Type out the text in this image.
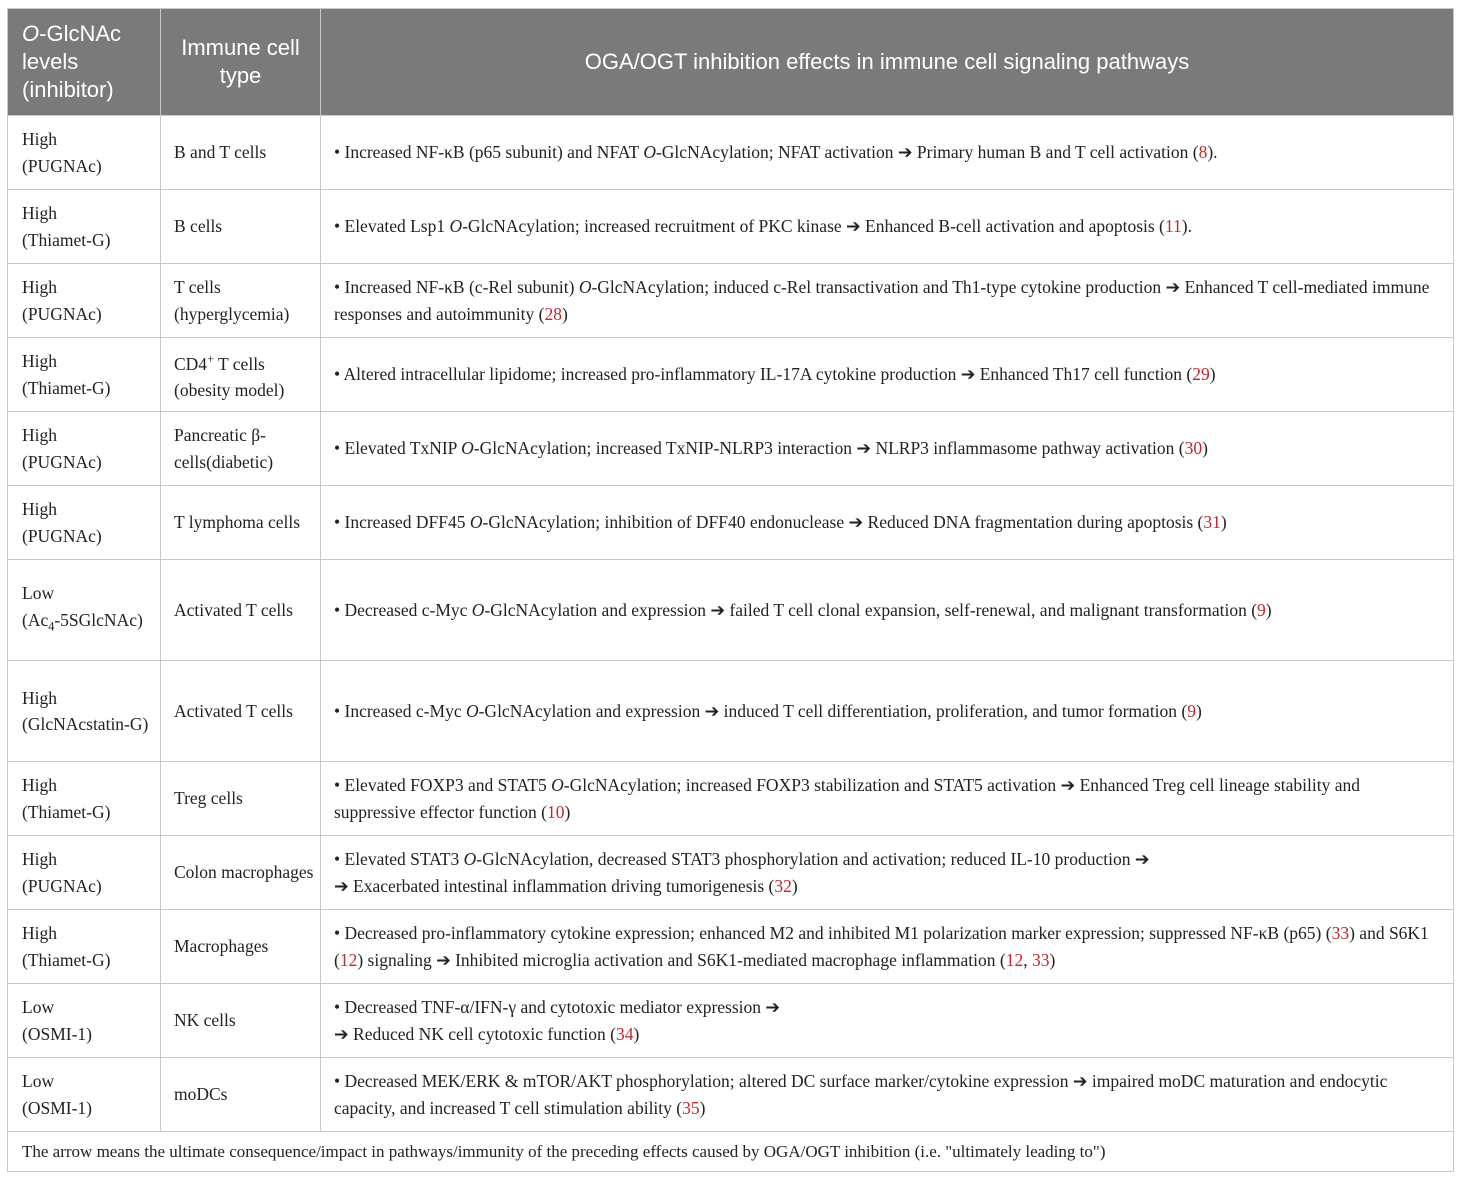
O-GlcNAc levels (inhibitor)	Immune cell type	OGA/OGT inhibition effects in immune cell signaling pathways

High
(PUGNAc)	B and T cells	• Increased NF-κB (p65 subunit) and NFAT O-GlcNAcylation; NFAT activation ➔ Primary human B and T cell activation (8).

High
(Thiamet-G)	B cells	• Elevated Lsp1 O-GlcNAcylation; increased recruitment of PKC kinase ➔ Enhanced B-cell activation and apoptosis (11).

High
(PUGNAc)	T cells (hyperglycemia)	• Increased NF-κB (c-Rel subunit) O-GlcNAcylation; induced c-Rel transactivation and Th1-type cytokine production ➔ Enhanced T cell-mediated immune responses and autoimmunity (28)

High
(Thiamet-G)	CD4+ T cells (obesity model)	• Altered intracellular lipidome; increased pro-inflammatory IL-17A cytokine production ➔ Enhanced Th17 cell function (29)

High
(PUGNAc)	Pancreatic β-cells(diabetic)	• Elevated TxNIP O-GlcNAcylation; increased TxNIP-NLRP3 interaction ➔ NLRP3 inflammasome pathway activation (30)

High
(PUGNAc)	T lymphoma cells	• Increased DFF45 O-GlcNAcylation; inhibition of DFF40 endonuclease ➔ Reduced DNA fragmentation during apoptosis (31)

Low
$(Ac_4-5SGlcNAc)$	Activated T cells	• Decreased c-Myc O-GlcNAcylation and expression ➔ failed T cell clonal expansion, self-renewal, and malignant transformation (9)

High
(GlcNAcstatin-G)	Activated T cells	• Increased c-Myc O-GlcNAcylation and expression ➔ induced T cell differentiation, proliferation, and tumor formation (9)

High
(Thiamet-G)	Treg cells	• Elevated FOXP3 and STAT5 O-GlcNAcylation; increased FOXP3 stabilization and STAT5 activation ➔ Enhanced Treg cell lineage stability and suppressive effector function (10)

High
(PUGNAc)	Colon macrophages	• Elevated STAT3 O-GlcNAcylation, decreased STAT3 phosphorylation and activation; reduced IL-10 production ➔
➔ Exacerbated intestinal inflammation driving tumorigenesis (32)

High
(Thiamet-G)	Macrophages	• Decreased pro-inflammatory cytokine expression; enhanced M2 and inhibited M1 polarization marker expression; suppressed NF-κB (p65) (33) and S6K1 (12) signaling ➔ Inhibited microglia activation and S6K1-mediated macrophage inflammation (12, 33)

Low
(OSMI-1)	NK cells	• Decreased TNF-α/IFN-γ and cytotoxic mediator expression ➔
➔ Reduced NK cell cytotoxic function (34)

Low
(OSMI-1)	moDCs	• Decreased MEK/ERK & mTOR/AKT phosphorylation; altered DC surface marker/cytokine expression ➔ impaired moDC maturation and endocytic capacity, and increased T cell stimulation ability (35)
The arrow means the ultimate consequence/impact in pathways/immunity of the preceding effects caused by OGA/OGT inhibition (i.e. "ultimately leading to")		
